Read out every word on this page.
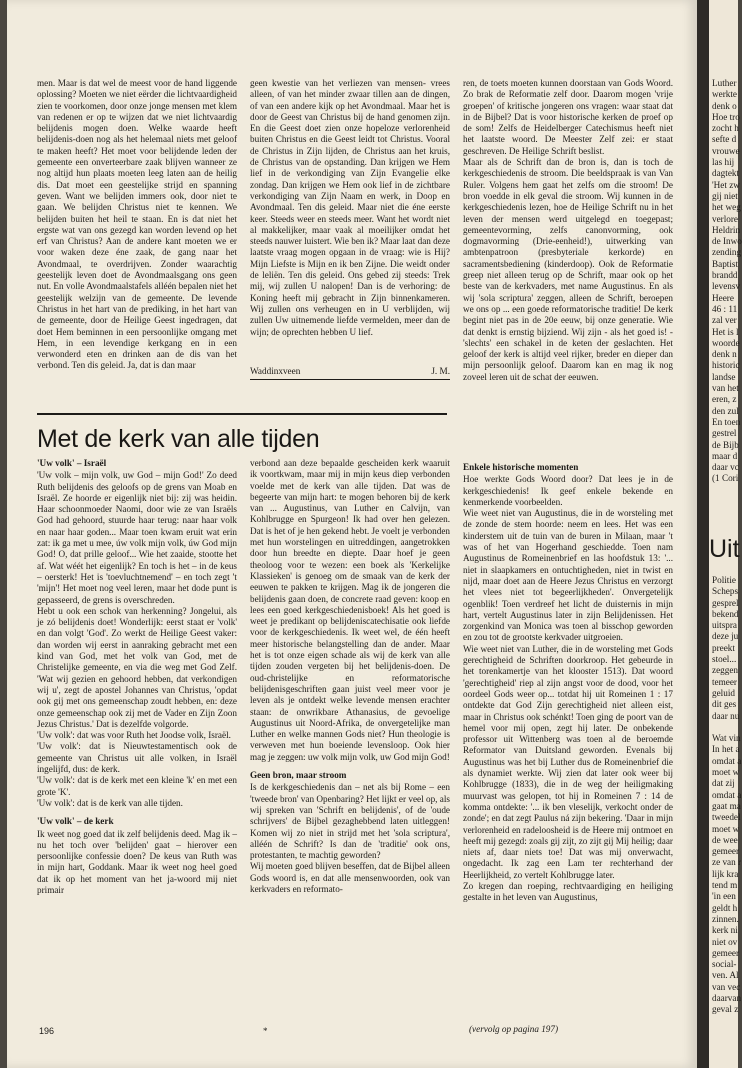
men. Maar is dat wel de meest voor de hand liggende oplossing? Moeten we niet eërder die lichtvaardigheid zien te voorkomen, door onze jonge mensen met klem van redenen er op te wijzen dat we niet lichtvaardig belijdenis mogen doen. Welke waarde heeft belijdenis-doen nog als het helemaal niets met geloof te maken heeft? Het moet voor belijdende leden der gemeente een onverteerbare zaak blijven wanneer ze nog altijd hun plaats moeten leeg laten aan de heilig dis. Dat moet een geestelijke strijd en spanning geven. Want we belijden immers ook, door niet te gaan. We belijden Christus niet te kennen. We belijden buiten het heil te staan. En is dat niet het ergste wat van ons gezegd kan worden levend op het erf van Christus? Aan de andere kant moeten we er voor waken deze éne zaak, de gang naar het Avondmaal, te overdrijven. Zonder waarachtig geestelijk leven doet de Avondmaalsgang ons geen nut. En volle Avondmaalstafels alléén bepalen niet het geestelijk welzijn van de gemeente. De levende Christus in het hart van de prediking, in het hart van de gemeente, door de Heilige Geest ingedragen, dat doet Hem beminnen in een persoonlijke omgang met Hem, in een levendige kerkgang en in een verwonderd eten en drinken aan de dis van het verbond. Ten dis geleid. Ja, dat is dan maar

geen kwestie van het verliezen van mensen- vrees alleen, of van het minder zwaar tillen aan de dingen, of van een andere kijk op het Avondmaal. Maar het is door de Geest van Christus bij de hand genomen zijn. En die Geest doet zien onze hopeloze verlorenheid buiten Christus en die Geest leidt tot Christus. Vooral de Christus in Zijn lijden, de Christus aan het kruis, de Christus van de opstanding. Dan krijgen we Hem lief in de verkondiging van Zijn Evangelie elke zondag. Dan krijgen we Hem ook lief in de zichtbare verkondiging van Zijn Naam en werk, in Doop en Avondmaal. Ten dis geleid. Maar niet die éne eerste keer. Steeds weer en steeds meer. Want het wordt niet al makkelijker, maar vaak al moeilijker omdat het steeds nauwer luistert. Wie ben ik? Maar laat dan deze laatste vraag mogen opgaan in de vraag: wie is Hij? Mijn Liefste is Mijn en ik ben Zijne. Die weidt onder de leliën. Ten dis geleid. Ons gebed zij steeds: Trek mij, wij zullen U nalopen! Dan is de verhoring: de Koning heeft mij gebracht in Zijn binnenkameren. Wij zullen ons verheugen en in U verblijden, wij zullen Uw uitnemende liefde vermelden, meer dan de wijn; de oprechten hebben U lief.

ren, de toets moeten kunnen doorstaan van Gods Woord. Zo brak de Reformatie zelf door. Daarom mogen 'vrije groepen' of kritische jongeren ons vragen: waar staat dat in de Bijbel? Dat is voor historische kerken de proef op de som! Zelfs de Heidelberger Catechismus heeft niet het laatste woord. De Meester Zelf zei: er staat geschreven. De Heilige Schrift beslist.

Maar als de Schrift dan de bron is, dan is toch de kerkgeschiedenis de stroom. Die beeldspraak is van Van Ruler. Volgens hem gaat het zelfs om die stroom! De bron voedde in elk geval die stroom. Wij kunnen in de kerkgeschiedenis lezen, hoe de Heilige Schrift nu in het leven der mensen werd uitgelegd en toegepast; gemeentevorming, zelfs canonvorming, ook dogmavorming (Drie-eenheid!), uitwerking van ambtenpatroon (presbyteriale kerkorde) en sacramentsbediening (kinderdoop). Ook de Reformatie greep niet alleen terug op de Schrift, maar ook op het beste van de kerkvaders, met name Augustinus. En als wij 'sola scriptura' zeggen, alleen de Schrift, beroepen we ons op ... een goede reformatorische traditie! De kerk begint niet pas in de 20e eeuw, bij onze generatie. Wie dat denkt is ernstig bijziend. Wij zijn - als het goed is! - 'slechts' een schakel in de keten der geslachten. Het geloof der kerk is altijd veel rijker, breder en dieper dan mijn persoonlijk geloof. Daarom kan en mag ik nog zoveel leren uit de schat der eeuwen.

Waddinxveen	J. M.
Met de kerk van alle tijden

'Uw volk' – Israël

'Uw volk – mijn volk, uw God – mijn God!' Zo deed Ruth belijdenis des geloofs op de grens van Moab en Israël. Ze hoorde er eigenlijk niet bij: zij was heidin. Haar schoonmoeder Naomi, door wie ze van Israëls God had gehoord, stuurde haar terug: naar haar volk en naar haar goden... Maar toen kwam eruit wat erin zat: ik ga met u mee, úw volk mijn volk, úw God mijn God! O, dat prille geloof... Wie het zaaide, stootte het af. Wat wéét het eigenlijk? En toch is het – in de keus – oersterk! Het is 'toevluchtnemend' – en toch zegt 't 'mijn'! Het moet nog veel leren, maar het dode punt is gepasseerd, de grens is overschreden.

Hebt u ook een schok van herkenning? Jongelui, als je zó belijdenis doet! Wonderlijk: eerst staat er 'volk' en dan volgt 'God'. Zo werkt de Heilige Geest vaker: dan worden wij eerst in aanraking gebracht met een kind van God, met het volk van God, met de Christelijke gemeente, en via die weg met God Zelf. 'Wat wij gezien en gehoord hebben, dat verkondigen wij u', zegt de apostel Johannes van Christus, 'opdat ook gij met ons gemeenschap zoudt hebben, en: deze onze gemeenschap ook zij met de Vader en Zijn Zoon Jezus Christus.' Dat is dezelfde volgorde.

'Uw volk': dat was voor Ruth het Joodse volk, Israël.

'Uw volk': dat is Nieuwtestamentisch ook de gemeente van Christus uit alle volken, in Israël ingelijfd, dus: de kerk.

'Uw volk': dat is de kerk met een kleine 'k' en met een grote 'K'.

'Uw volk': dat is de kerk van alle tijden.

'Uw volk' – de kerk

Ik weet nog goed dat ik zelf belijdenis deed. Mag ik – nu het toch over 'belijden' gaat – hierover een persoonlijke confessie doen? De keus van Ruth was in mijn hart, Goddank. Maar ik weet nog heel goed dat ik op het moment van het ja-woord mij niet primair

verbond aan deze bepaalde gescheiden kerk waaruit ik voortkwam, maar mij in mijn keus diep verbonden voelde met de kerk van alle tijden. Dat was de begeerte van mijn hart: te mogen behoren bij de kerk van ... Augustinus, van Luther en Calvijn, van Kohlbrugge en Spurgeon! Ik had over hen gelezen. Dat is het of je hen gekend hebt. Je voelt je verbonden met hun worstelingen en uitreddingen, aangetrokken door hun breedte en diepte. Daar hoef je geen theoloog voor te wezen: een boek als 'Kerkelijke Klassieken' is genoeg om de smaak van de kerk der eeuwen te pakken te krijgen. Mag ik de jongeren die belijdenis gaan doen, de concrete raad geven: koop en lees een goed kerkgeschiedenisboek! Als het goed is weet je predikant op belijdeniscatechisatie ook liefde voor de kerkgeschiedenis. Ik weet wel, de één heeft meer historische belangstelling dan de ander. Maar het is tot onze eigen schade als wij de kerk van alle tijden zouden vergeten bij het belijdenis-doen. De oud-christelijke en reformatorische belijdenisgeschriften gaan juist veel meer voor je leven als je ontdekt welke levende mensen erachter staan: de onwrikbare Athanasius, de gevoelige Augustinus uit Noord-Afrika, de onvergetelijke man Luther en welke mannen Gods niet? Hun theologie is verweven met hun boeiende levensloop. Ook hier mag je zeggen: uw volk mijn volk, uw God mijn God!

Geen bron, maar stroom

Is de kerkgeschiedenis dan – net als bij Rome – een 'tweede bron' van Openbaring? Het lijkt er veel op, als wij spreken van 'Schrift en belijdenis', of de 'oude schrijvers' de Bijbel gezaghebbend laten uitleggen! Komen wij zo niet in strijd met het 'sola scriptura', alléén de Schrift? Is dan de 'traditie' ook ons, protestanten, te machtig geworden?

Wij moeten goed blijven beseffen, dat de Bijbel alleen Gods woord is, en dat alle mensenwoorden, ook van kerkvaders en reformato-

Enkele historische momenten

Hoe werkte Gods Woord door? Dat lees je in de kerkgeschiedenis! Ik geef enkele bekende en kenmerkende voorbeelden.

Wie weet niet van Augustinus, die in de worsteling met de zonde de stem hoorde: neem en lees. Het was een kinderstem uit de tuin van de buren in Milaan, maar 't was of het van Hogerhand geschiedde. Toen nam Augustinus de Romeinenbrief en las hoofdstuk 13: '... niet in slaapkamers en ontuchtigheden, niet in twist en nijd, maar doet aan de Heere Jezus Christus en verzorgt het vlees niet tot begeerlijkheden'. Onvergetelijk ogenblik! Toen verdreef het licht de duisternis in mijn hart, vertelt Augustinus later in zijn Belijdenissen. Het zorgenkind van Monica was toen al bisschop geworden en zou tot de grootste kerkvader uitgroeien.

Wie weet niet van Luther, die in de worsteling met Gods gerechtigheid de Schriften doorkroop. Het gebeurde in het torenkamertje van het klooster 1513). Dat woord 'gerechtigheid' riep al zijn angst voor de dood, voor het oordeel Gods weer op... totdat hij uit Romeinen 1 : 17 ontdekte dat God Zijn gerechtigheid niet alleen eist, maar in Christus ook schénkt! Toen ging de poort van de hemel voor mij open, zegt hij later. De onbekende professor uit Wittenberg was toen al de beroemde Reformator van Duitsland geworden. Evenals bij Augustinus was het bij Luther dus de Romeinenbrief die als dynamiet werkte. Wij zien dat later ook weer bij Kohlbrugge (1833), die in de weg der heiligmaking muurvast was gelopen, tot hij in Romeinen 7 : 14 de komma ontdekte: '... ik ben vleselijk, verkocht onder de zonde'; en dat zegt Paulus ná zijn bekering. 'Daar in mijn verlorenheid en radeloosheid is de Heere mij ontmoet en heeft mij gezegd: zoals gij zijt, zo zijt gij Mij heilig; daar niets af, daar niets toe! Dat was mij onverwacht, ongedacht. Ik zag een Lam ter rechterhand der Heerlijkheid, zo vertelt Kohlbrugge later.

Zo kregen dan roeping, rechtvaardiging en heiliging gestalte in het leven van Augustinus,

196	*	(vervolg op pagina 197)
Luther
werkte
denk o
Hoe tro
zocht h
sefte d
vrouwe
las hij
dagtekt
'Het zw
gij niet
het weg
verlore
Heldrin
de Inwo
zending
Baptist
brandd
levensv
Heere
46 : 11
zal ver
Het is l
woorde
denk n
historic
landse
van het
eren, z
den zul
En toen
gestrel
de Bijb
maar d
daar vc
(1 Cori
Uit
Politie
Scheps
gesprel
bekend
uitspra
deze ju
preekt
stoel...
zeggen
temeer
geluid
dit ges
daar nu

Wat vin
In het a
omdat a
moet w
dat zij
omdat a
gaat ma
tweedel
moet w
de wee
gemeer
ze van r
lijk kra
tend m
'in een
geldt h
zinnen.
kerk ni
niet ov
gemeer
social-
ven. Al
van vec
daarvan
geval z
